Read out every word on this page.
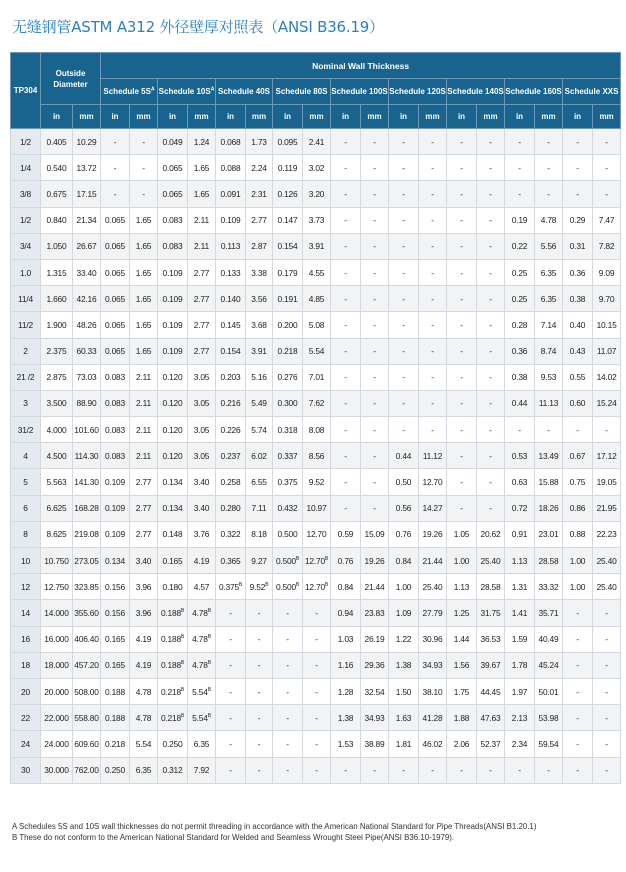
无缝钢管ASTM A312 外径壁厚对照表（ANSI B36.19）
TP304	Outside Diameter		Nominal Wall Thickness																	
			Schedule $5S^A$		Schedule $10S^A$		Schedule 40S		Schedule 80S		Schedule 100S		Schedule 120S		Schedule 140S		Schedule 160S		Schedule XXS	
	in	mm	in	mm	in	mm	in	mm	in	mm	in	mm	in	mm	in	mm	in	mm	in	mm
1/2	0.405	10.29	-	-	0.049	1.24	0.068	1.73	0.095	2.41	-	-	-	-	-	-	-	-	-	-
1/4	0.540	13.72	-	-	0.065	1.65	0.088	2.24	0.119	3.02	-	-	-	-	-	-	-	-	-	-
3/8	0.675	17.15	-	-	0.065	1.65	0.091	2.31	0.126	3.20	-	-	-	-	-	-	-	-	-	-
1/2	0.840	21.34	0.065	1.65	0.083	2.11	0.109	2.77	0.147	3.73	-	-	-	-	-	-	0.19	4.78	0.29	7.47
3/4	1.050	26.67	0.065	1.65	0.083	2.11	0.113	2.87	0.154	3.91	-	-	-	-	-	-	0.22	5.56	0.31	7.82
1.0	1.315	33.40	0.065	1.65	0.109	2.77	0.133	3.38	0.179	4.55	-	-	-	-	-	-	0.25	6.35	0.36	9.09
11/4	1.660	42.16	0.065	1.65	0.109	2.77	0.140	3.56	0.191	4.85	-	-	-	-	-	-	0.25	6.35	0.38	9.70
11/2	1.900	48.26	0.065	1.65	0.109	2.77	0.145	3.68	0.200	5.08	-	-	-	-	-	-	0.28	7.14	0.40	10.15
2	2.375	60.33	0.065	1.65	0.109	2.77	0.154	3.91	0.218	5.54	-	-	-	-	-	-	0.36	8.74	0.43	11.07
21 /2	2.875	73.03	0.083	2.11	0.120	3.05	0.203	5.16	0.276	7.01	-	-	-	-	-	-	0.38	9.53	0.55	14.02
3	3.500	88.90	0.083	2.11	0.120	3.05	0.216	5.49	0.300	7.62	-	-	-	-	-	-	0.44	11.13	0.60	15.24
31/2	4.000	101.60	0.083	2.11	0.120	3.05	0.226	5.74	0.318	8.08	-	-	-	-	-	-	-	-	-	-
4	4.500	114.30	0.083	2.11	0.120	3.05	0.237	6.02	0.337	8.56	-	-	0.44	11.12	-	-	0.53	13.49	0.67	17.12
5	5.563	141.30	0.109	2.77	0.134	3.40	0.258	6.55	0.375	9.52	-	-	0.50	12.70	-	-	0.63	15.88	0.75	19.05
6	6.625	168.28	0.109	2.77	0.134	3.40	0.280	7.11	0.432	10.97	-	-	0.56	14.27	-	-	0.72	18.26	0.86	21.95
8	8.625	219.08	0.109	2.77	0.148	3.76	0.322	8.18	0.500	12.70	0.59	15.09	0.76	19.26	1.05	20.62	0.91	23.01	0.88	22.23
10	10.750	273.05	0.134	3.40	0.165	4.19	0.365	9.27	$0.500^B$	$12.70^B$	0.76	19.26	0.84	21.44	1.00	25.40	1.13	28.58	1.00	25.40
12	12.750	323.85	0.156	3.96	0.180	4.57	$0.375^B$	$9.52^B$	$0.500^B$	$12.70^B$	0.84	21.44	1.00	25.40	1.13	28.58	1.31	33.32	1.00	25.40
14	14.000	355.60	0.156	3.96	$0.188^B$	$4.78^B$	-	-	-	-	0.94	23.83	1.09	27.79	1.25	31.75	1.41	35.71	-	-
16	16.000	406.40	0.165	4.19	$0.188^B$	$4.78^B$	-	-	-	-	1.03	26.19	1.22	30.96	1.44	36.53	1.59	40.49	-	-
18	18.000	457.20	0.165	4.19	$0.188^B$	$4.78^B$	-	-	-	-	1.16	29.36	1.38	34.93	1.56	39.67	1.78	45.24	-	-
20	20.000	508.00	0.188	4.78	$0.218^B$	$5.54^B$	-	-	-	-	1.28	32.54	1.50	38.10	1.75	44.45	1.97	50.01	-	-
22	22.000	558.80	0.188	4.78	$0.218^B$	$5.54^B$	-	-	-	-	1.38	34.93	1.63	41.28	1.88	47.63	2.13	53.98	-	-
24	24.000	609.60	0.218	5.54	0.250	6.35	-	-	-	-	1.53	38.89	1.81	46.02	2.06	52.37	2.34	59.54	-	-
30	30.000	762.00	0.250	6.35	0.312	7.92	-	-	-	-	-	-	-	-	-	-	-	-	-	-
A Schedules 5S and 10S wall thicknesses do not permit threading in accordance with the American National Standard for Pipe Threads(ANSI B1.20.1)
B These do not conform to the American National Standard for Welded and Seamless Wrought Steel Pipe(ANSI B36.10-1979).
